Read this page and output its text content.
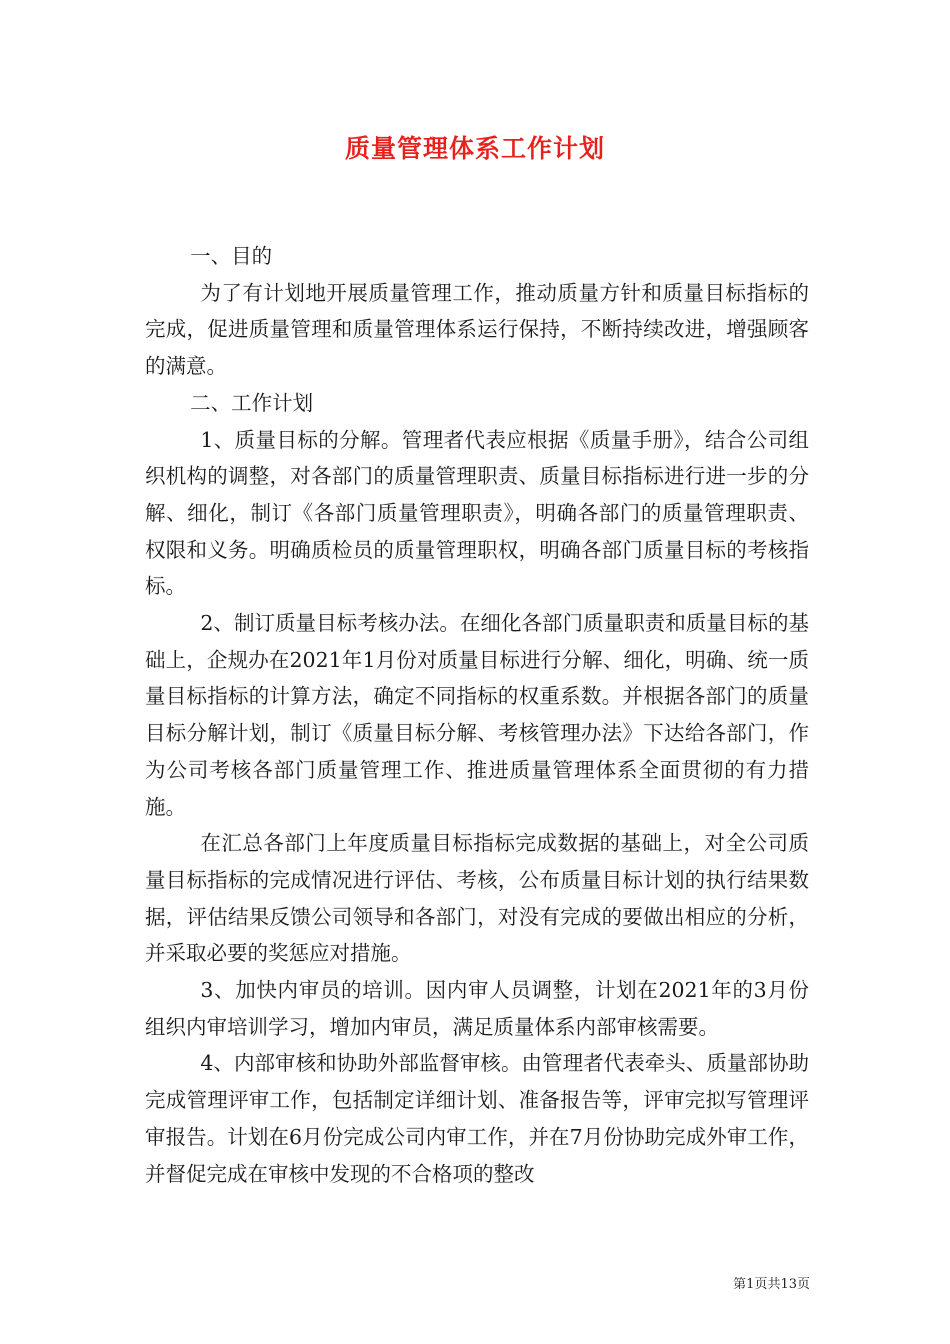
质量管理体系工作计划

一、目的

为了有计划地开展质量管理工作，推动质量方针和质量目标指标的完成，促进质量管理和质量管理体系运行保持，不断持续改进，增强顾客的满意。

二、工作计划

1、质量目标的分解。管理者代表应根据《质量手册》，结合公司组织机构的调整，对各部门的质量管理职责、质量目标指标进行进一步的分解、细化，制订《各部门质量管理职责》，明确各部门的质量管理职责、权限和义务。明确质检员的质量管理职权，明确各部门质量目标的考核指标。

2、制订质量目标考核办法。在细化各部门质量职责和质量目标的基础上，企规办在2021年1月份对质量目标进行分解、细化，明确、统一质量目标指标的计算方法，确定不同指标的权重系数。并根据各部门的质量目标分解计划，制订《质量目标分解、考核管理办法》下达给各部门，作为公司考核各部门质量管理工作、推进质量管理体系全面贯彻的有力措施。

在汇总各部门上年度质量目标指标完成数据的基础上，对全公司质量目标指标的完成情况进行评估、考核，公布质量目标计划的执行结果数据，评估结果反馈公司领导和各部门，对没有完成的要做出相应的分析，并采取必要的奖惩应对措施。

3、加快内审员的培训。因内审人员调整，计划在2021年的3月份组织内审培训学习，增加内审员，满足质量体系内部审核需要。

4、内部审核和协助外部监督审核。由管理者代表牵头、质量部协助完成管理评审工作，包括制定详细计划、准备报告等，评审完拟写管理评审报告。计划在6月份完成公司内审工作，并在7月份协助完成外审工作，并督促完成在审核中发现的不合格项的整改

第1页共13页
